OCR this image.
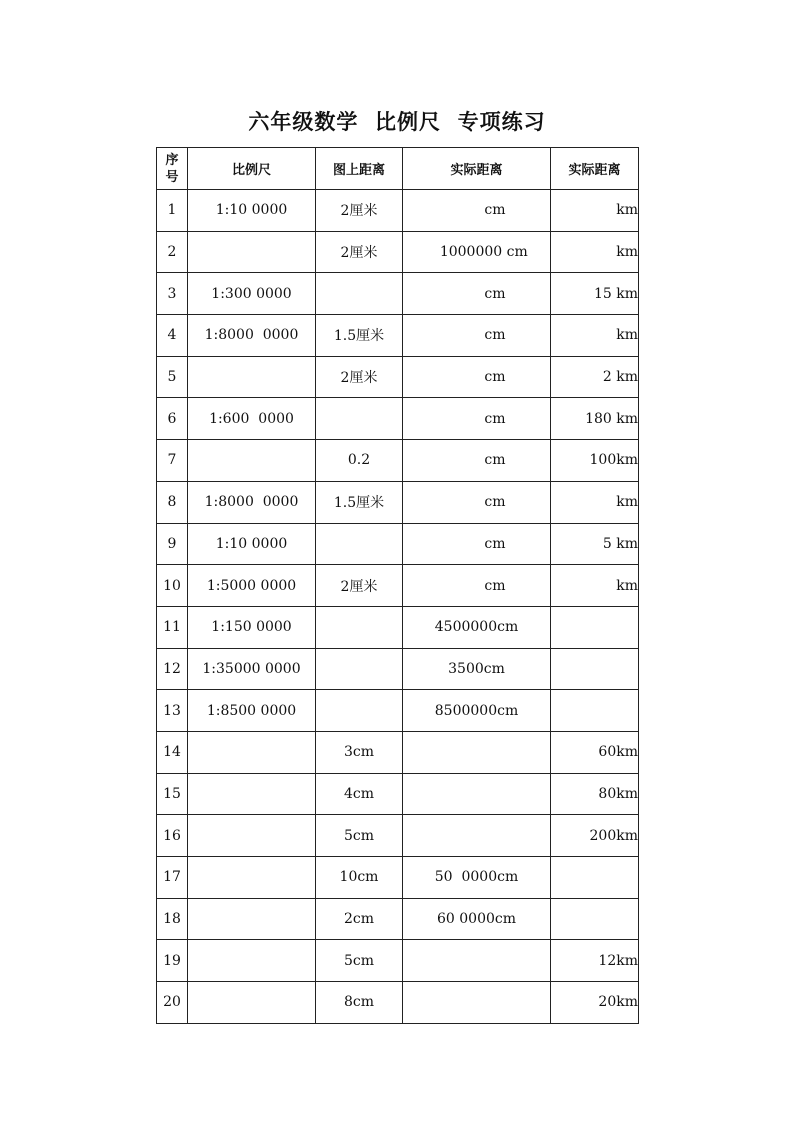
六年级数学  比例尺  专项练习
序
号	比例尺	图上距离	实际距离	实际距离
1	1:10 0000	2厘米	cm	km
2		2厘米	1000000 cm	km
3	1:300 0000		cm	15 km
4	1:8000  0000	1.5厘米	cm	km
5		2厘米	cm	2 km
6	1:600  0000		cm	180 km
7		0.2	cm	100km
8	1:8000  0000	1.5厘米	cm	km
9	1:10 0000		cm	5 km
10	1:5000 0000	2厘米	cm	km
11	1:150 0000		4500000cm	
12	1:35000 0000		3500cm	
13	1:8500 0000		8500000cm	
14		3cm		60km
15		4cm		80km
16		5cm		200km
17		10cm	50  0000cm	
18		2cm	60 0000cm	
19		5cm		12km
20		8cm		20km
